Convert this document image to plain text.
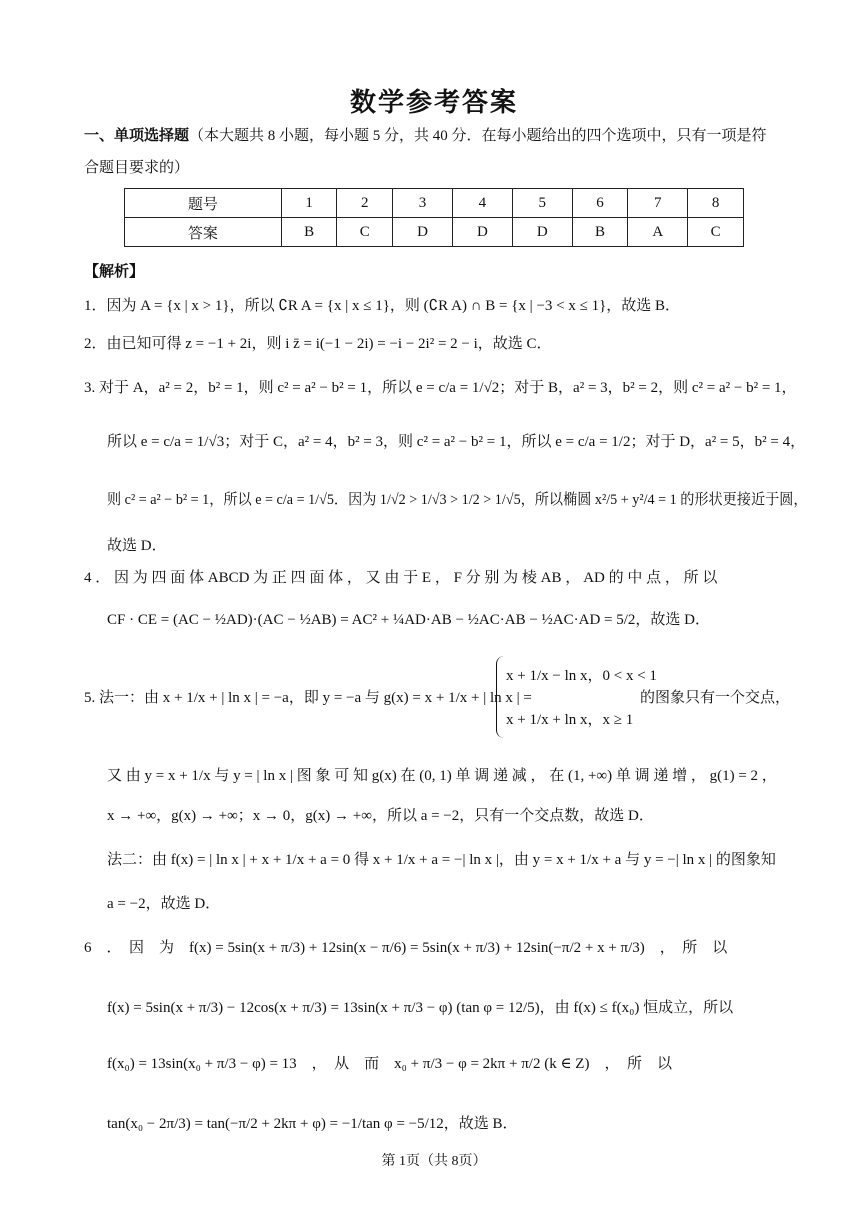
数学参考答案
一、单项选择题（本大题共 8 小题，每小题 5 分，共 40 分．在每小题给出的四个选项中，只有一项是符
合题目要求的）
题号	1	2	3	4	5	6	7	8
答案	B	C	D	D	D	B	A	C
【解析】
1．因为 A = {x | x > 1}，所以 ∁R A = {x | x ≤ 1}，则 (∁R A) ∩ B = {x | −3 < x ≤ 1}，故选 B．
2．由已知可得 z = −1 + 2i，则 i z̄ = i(−1 − 2i) = −i − 2i² = 2 − i，故选 C．
3. 对于 A，a² = 2，b² = 1，则 c² = a² − b² = 1，所以 e = c/a = 1/√2；对于 B，a² = 3，b² = 2，则 c² = a² − b² = 1，
所以 e = c/a = 1/√3；对于 C，a² = 4，b² = 3，则 c² = a² − b² = 1，所以 e = c/a = 1/2；对于 D，a² = 5，b² = 4，
则 c² = a² − b² = 1，所以 e = c/a = 1/√5．因为 1/√2 > 1/√3 > 1/2 > 1/√5，所以椭圆 x²/5 + y²/4 = 1 的形状更接近于圆，
故选 D．
4 ． 因 为 四 面 体 ABCD 为 正 四 面 体 ， 又 由 于 E ， F 分 别 为 棱 AB ， AD 的 中 点 ， 所 以
CF · CE = (AC − ½AD)·(AC − ½AB) = AC² + ¼AD·AB − ½AC·AB − ½AC·AD = 5/2，故选 D．
5. 法一：由 x + 1/x + | ln x | = −a，即 y = −a 与 g(x) = x + 1/x + | ln x | =
x + 1/x − ln x，0 < x < 1
x + 1/x + ln x，x ≥ 1
的图象只有一个交点，
又 由 y = x + 1/x 与 y = | ln x | 图 象 可 知 g(x) 在 (0, 1) 单 调 递 减 ， 在 (1, +∞) 单 调 递 增 ， g(1) = 2 ，
x → +∞，g(x) → +∞；x → 0，g(x) → +∞，所以 a = −2，只有一个交点数，故选 D．
法二：由 f(x) = | ln x | + x + 1/x + a = 0 得 x + 1/x + a = −| ln x |，由 y = x + 1/x + a 与 y = −| ln x | 的图象知
a = −2，故选 D．
6　．　因　为　f(x) = 5sin(x + π/3) + 12sin(x − π/6) = 5sin(x + π/3) + 12sin(−π/2 + x + π/3)　，　所　以
f(x) = 5sin(x + π/3) − 12cos(x + π/3) = 13sin(x + π/3 − φ) (tan φ = 12/5)，由 f(x) ≤ f(x₀) 恒成立，所以
f(x₀) = 13sin(x₀ + π/3 − φ) = 13　，　从　而　x₀ + π/3 − φ = 2kπ + π/2 (k ∈ Z)　，　所　以
tan(x₀ − 2π/3) = tan(−π/2 + 2kπ + φ) = −1/tan φ = −5/12，故选 B．
第 1页（共 8页）
